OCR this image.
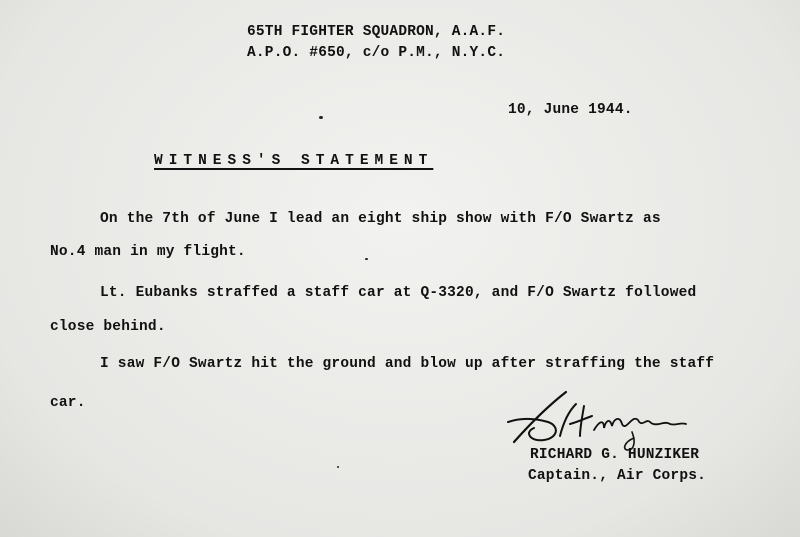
65TH FIGHTER SQUADRON, A.A.F.
A.P.O. #650, c/o P.M., N.Y.C.
10, June 1944.
WITNESS'S STATEMENT
On the 7th of June I lead an eight ship show with F/O Swartz as
No.4 man in my flight.
Lt. Eubanks straffed a staff car at Q-3320, and F/O Swartz followed
close behind.
I saw F/O Swartz hit the ground and blow up after straffing the staff
car.
RICHARD G. HUNZIKER
Captain., Air Corps.
